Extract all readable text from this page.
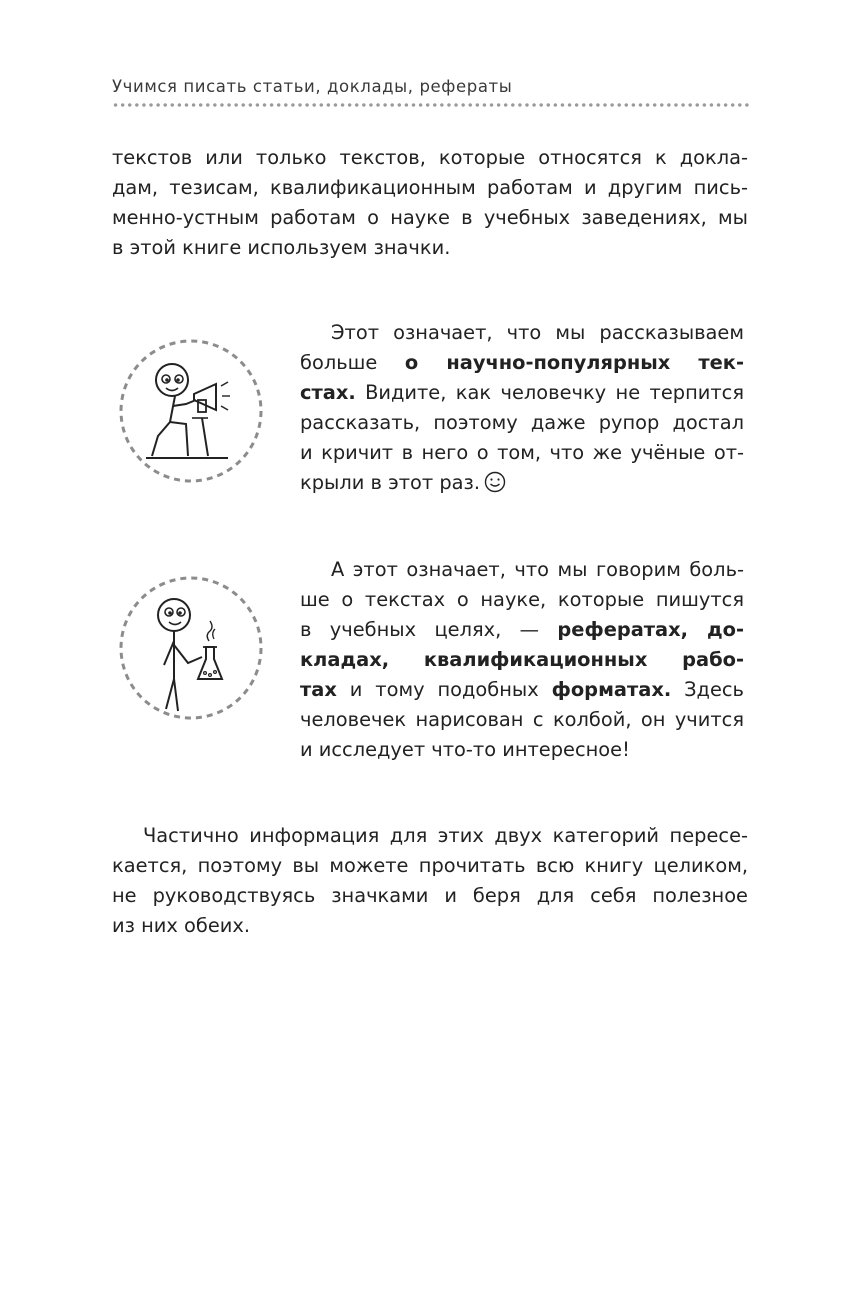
Учимся писать статьи, доклады, рефераты
текстов или только текстов, которые относятся к докла-
дам, тезисам, квалификационным работам и другим пись-
менно-устным работам о науке в учебных заведениях, мы
в этой книге используем значки.
Этот означает, что мы рассказываем
больше о научно-популярных тек-
стах. Видите, как человечку не терпится
рассказать, поэтому даже рупор достал
и кричит в него о том, что же учёные от-
крыли в этот раз.
А этот означает, что мы говорим боль-
ше о текстах о науке, которые пишутся
в учебных целях, — рефератах, до-
кладах, квалификационных рабо-
тах и тому подобных форматах. Здесь
человечек нарисован с колбой, он учится
и исследует что-то интересное!
Частично информация для этих двух категорий пересе-
кается, поэтому вы можете прочитать всю книгу целиком,
не руководствуясь значками и беря для себя полезное
из них обеих.
